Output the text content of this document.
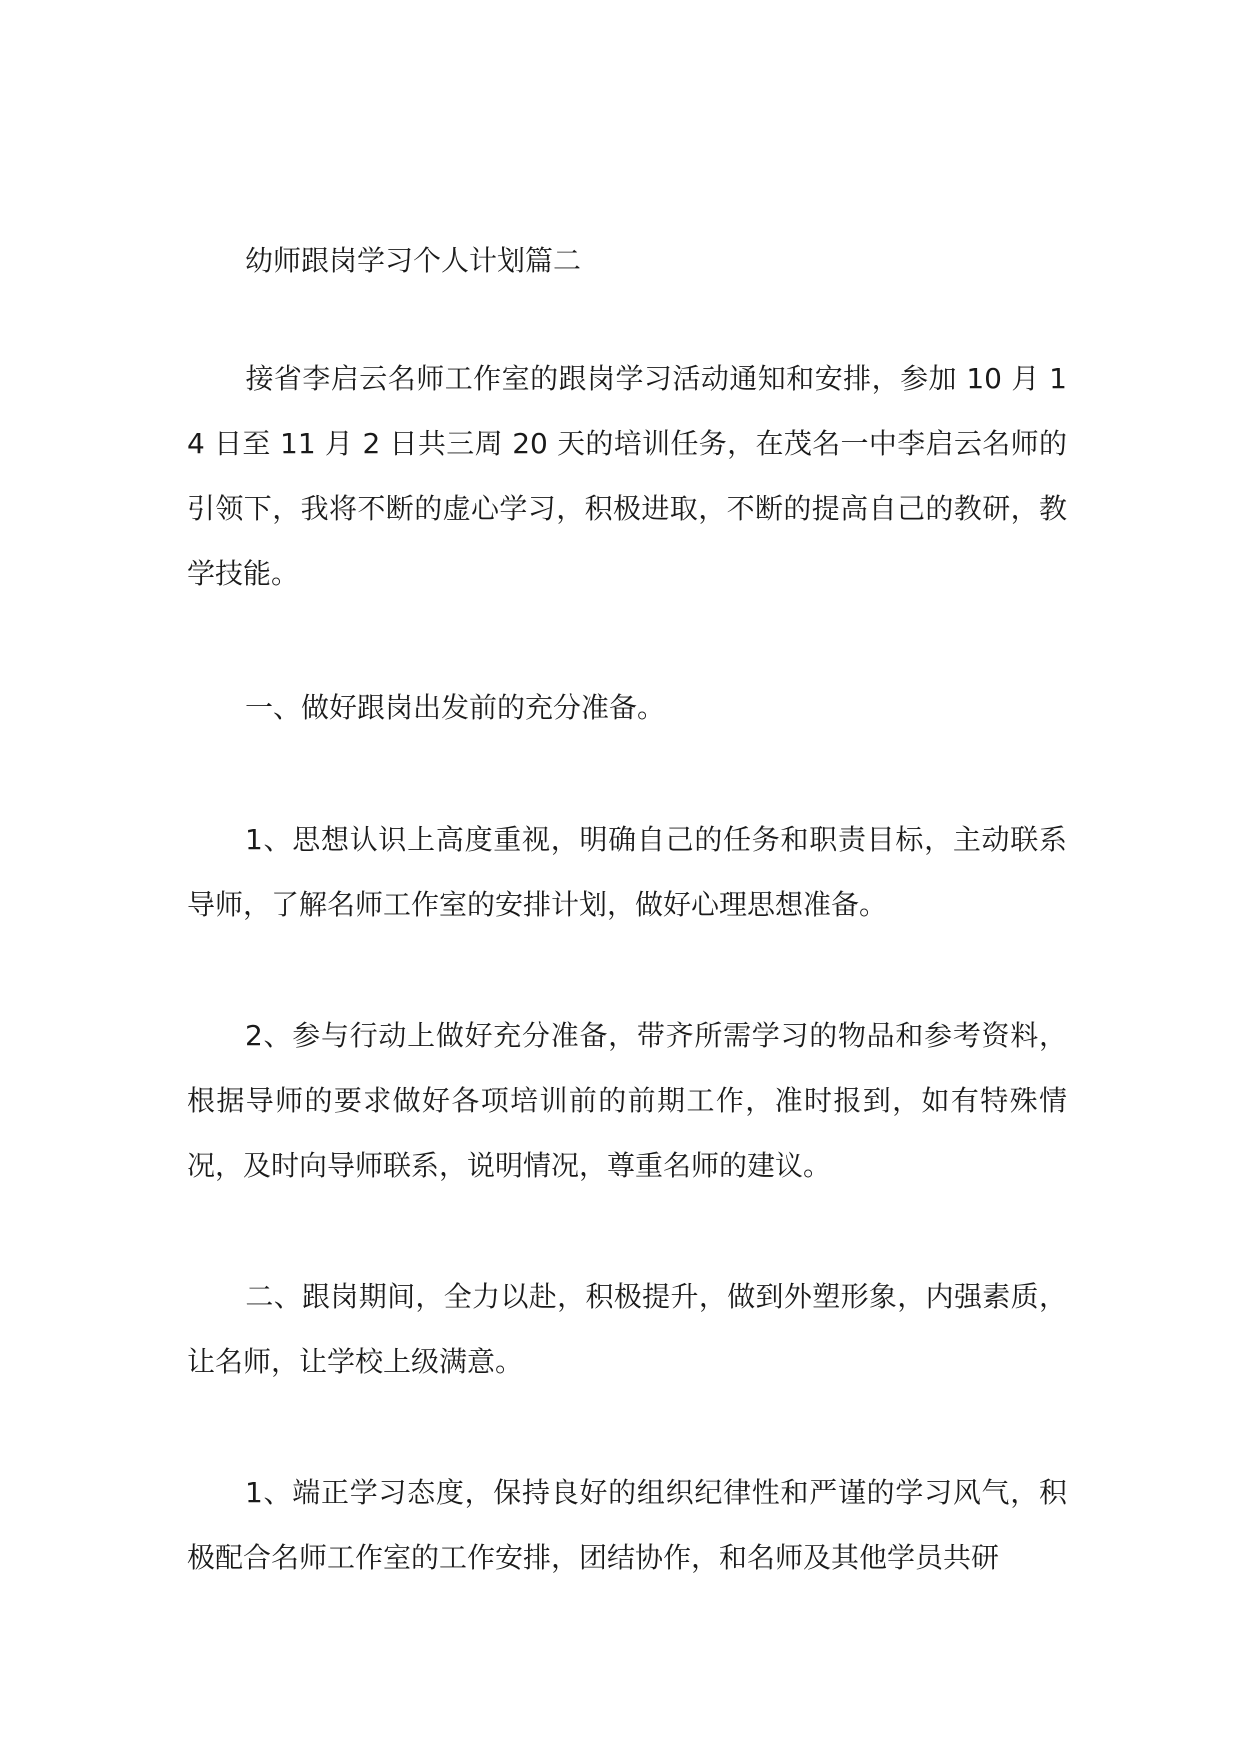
幼师跟岗学习个人计划篇二

接省李启云名师工作室的跟岗学习活动通知和安排，参加 10 月 14 日至 11 月 2 日共三周 20 天的培训任务，在茂名一中李启云名师的引领下，我将不断的虚心学习，积极进取，不断的提高自己的教研，教学技能。

一、做好跟岗出发前的充分准备。

1、思想认识上高度重视，明确自己的任务和职责目标，主动联系导师，了解名师工作室的安排计划，做好心理思想准备。

2、参与行动上做好充分准备，带齐所需学习的物品和参考资料，根据导师的要求做好各项培训前的前期工作，准时报到，如有特殊情况，及时向导师联系，说明情况，尊重名师的建议。

二、跟岗期间，全力以赴，积极提升，做到外塑形象，内强素质，让名师，让学校上级满意。

1、端正学习态度，保持良好的组织纪律性和严谨的学习风气，积极配合名师工作室的工作安排，团结协作，和名师及其他学员共研
